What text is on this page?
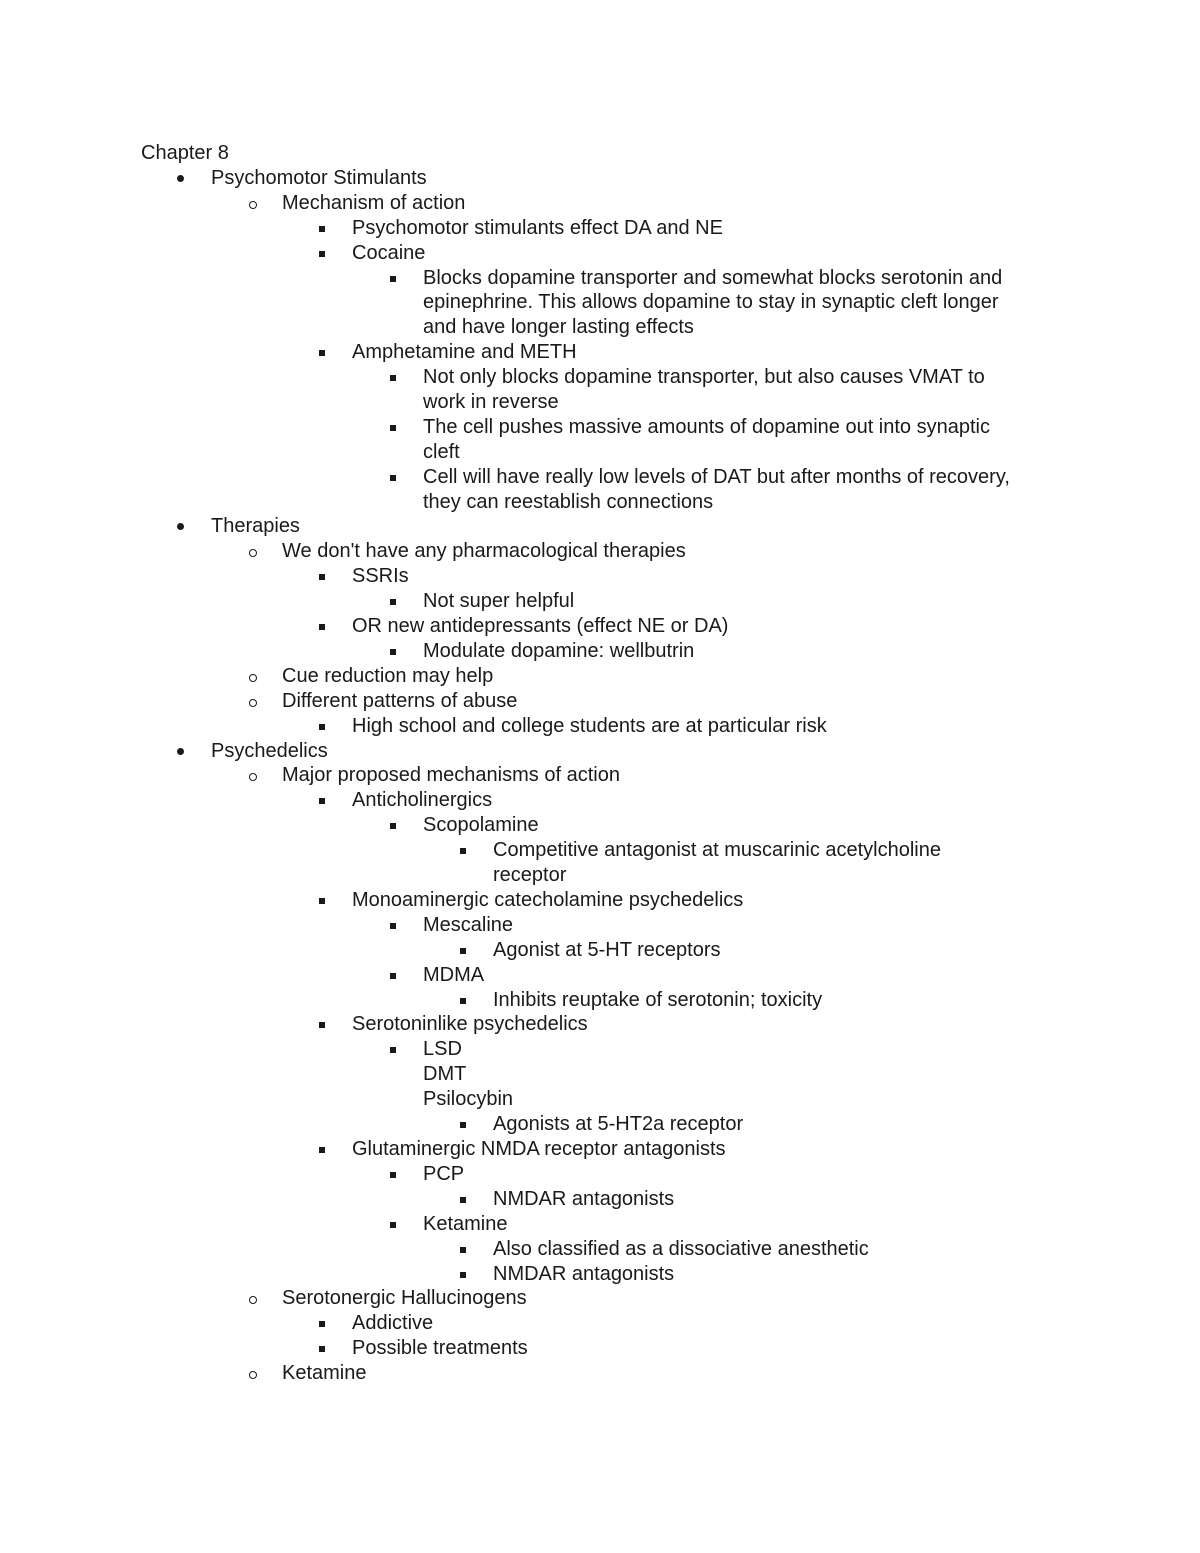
Chapter 8
Psychomotor Stimulants
Mechanism of action
Psychomotor stimulants effect DA and NE
Cocaine
Blocks dopamine transporter and somewhat blocks serotonin and
epinephrine. This allows dopamine to stay in synaptic cleft longer
and have longer lasting effects
Amphetamine and METH
Not only blocks dopamine transporter, but also causes VMAT to
work in reverse
The cell pushes massive amounts of dopamine out into synaptic
cleft
Cell will have really low levels of DAT but after months of recovery,
they can reestablish connections
Therapies
We don't have any pharmacological therapies
SSRIs
Not super helpful
OR new antidepressants (effect NE or DA)
Modulate dopamine: wellbutrin
Cue reduction may help
Different patterns of abuse
High school and college students are at particular risk
Psychedelics
Major proposed mechanisms of action
Anticholinergics
Scopolamine
Competitive antagonist at muscarinic acetylcholine
receptor
Monoaminergic catecholamine psychedelics
Mescaline
Agonist at 5-HT receptors
MDMA
Inhibits reuptake of serotonin; toxicity
Serotoninlike psychedelics
LSD
DMT
Psilocybin
Agonists at 5-HT2a receptor
Glutaminergic NMDA receptor antagonists
PCP
NMDAR antagonists
Ketamine
Also classified as a dissociative anesthetic
NMDAR antagonists
Serotonergic Hallucinogens
Addictive
Possible treatments
Ketamine
